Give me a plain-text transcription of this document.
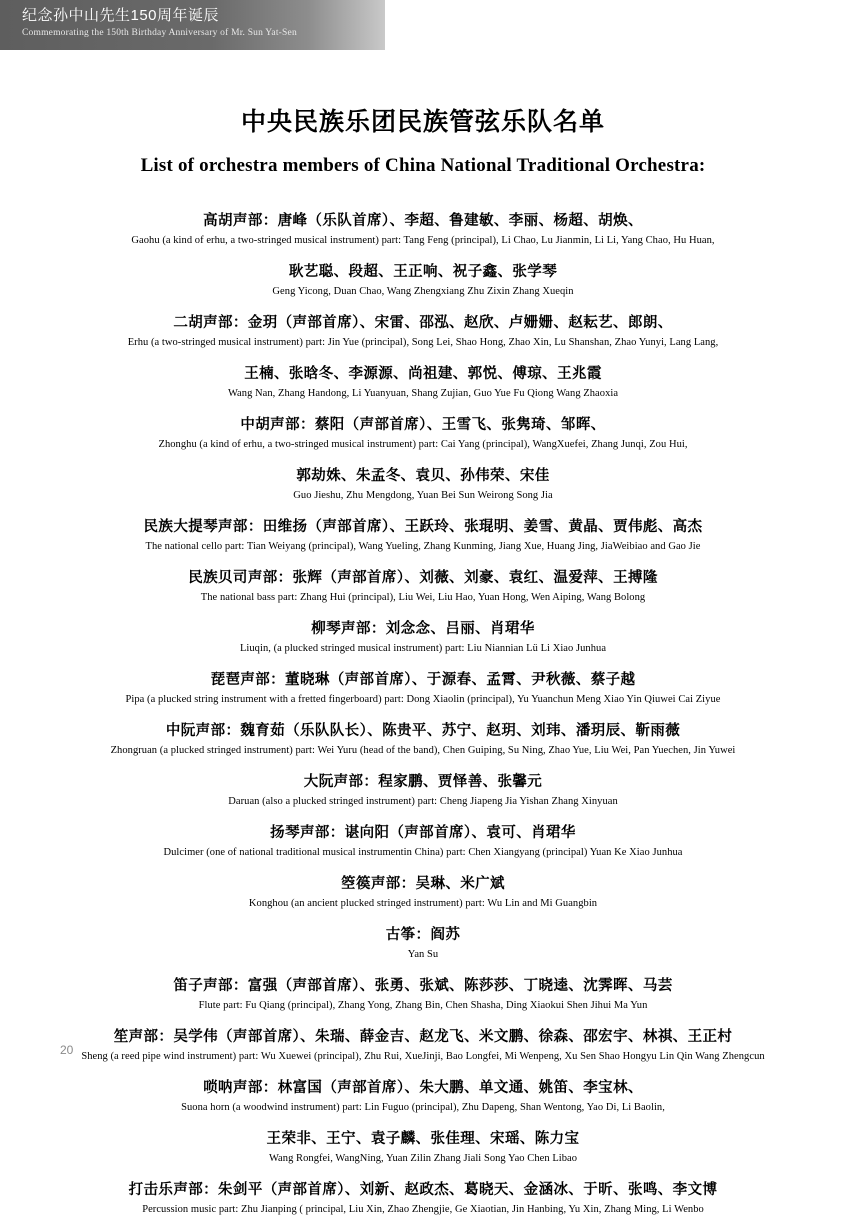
纪念孙中山先生150周年诞辰
Commemorating the 150th Birthday Anniversary of Mr. Sun Yat-Sen
中央民族乐团民族管弦乐队名单
List of orchestra members of China National Traditional Orchestra:
高胡声部：唐峰（乐队首席）、李超、鲁建敏、李丽、杨超、胡焕、
Gaohu (a kind of erhu, a two-stringed musical instrument) part: Tang Feng (principal), Li Chao, Lu Jianmin, Li Li, Yang Chao, Hu Huan,
耿艺聪、段超、王正响、祝子鑫、张学琴
Geng Yicong, Duan Chao, Wang Zhengxiang Zhu Zixin Zhang Xueqin
二胡声部：金玥（声部首席）、宋雷、邵泓、赵欣、卢姗姗、赵耘艺、郎朗、
Erhu (a two-stringed musical instrument) part: Jin Yue (principal), Song Lei, Shao Hong, Zhao Xin, Lu Shanshan, Zhao Yunyi, Lang Lang,
王楠、张晗冬、李源源、尚祖建、郭悦、傅琼、王兆霞
Wang Nan, Zhang Handong, Li Yuanyuan, Shang Zujian, Guo Yue Fu Qiong Wang Zhaoxia
中胡声部：蔡阳（声部首席）、王雪飞、张隽琦、邹晖、
Zhonghu (a kind of erhu, a two-stringed musical instrument) part: Cai Yang (principal), WangXuefei, Zhang Junqi, Zou Hui,
郭劫姝、朱孟冬、袁贝、孙伟荣、宋佳
Guo Jieshu, Zhu Mengdong, Yuan Bei Sun Weirong Song Jia
民族大提琴声部：田维扬（声部首席）、王跃玲、张琨明、姜雪、黄晶、贾伟彪、高杰
The national cello part: Tian Weiyang (principal), Wang Yueling, Zhang Kunming, Jiang Xue, Huang Jing, JiaWeibiao and Gao Jie
民族贝司声部：张辉（声部首席）、刘薇、刘豪、袁红、温爱萍、王搏隆
The national bass part: Zhang Hui (principal), Liu Wei, Liu Hao, Yuan Hong, Wen Aiping, Wang Bolong
柳琴声部：刘念念、吕丽、肖珺华
Liuqin, (a plucked stringed musical instrument) part: Liu Niannian Lü Li Xiao Junhua
琵琶声部：董晓琳（声部首席）、于源春、孟霄、尹秋薇、蔡子越
Pipa (a plucked string instrument with a fretted fingerboard) part: Dong Xiaolin (principal), Yu Yuanchun Meng Xiao Yin Qiuwei Cai Ziyue
中阮声部：魏育茹（乐队队长）、陈贵平、苏宁、赵玥、刘玮、潘玥辰、靳雨薇
Zhongruan (a plucked stringed instrument) part: Wei Yuru (head of the band), Chen Guiping, Su Ning, Zhao Yue, Liu Wei, Pan Yuechen, Jin Yuwei
大阮声部：程家鹏、贾怿善、张馨元
Daruan (also a plucked stringed instrument) part: Cheng Jiapeng Jia Yishan Zhang Xinyuan
扬琴声部：谌向阳（声部首席）、袁可、肖珺华
Dulcimer (one of national traditional musical instrumentin China) part: Chen Xiangyang (principal) Yuan Ke Xiao Junhua
箜篌声部：吴琳、米广斌
Konghou (an ancient plucked stringed instrument) part: Wu Lin and Mi Guangbin
古筝：阎苏
Yan Su
笛子声部：富强（声部首席）、张勇、张斌、陈莎莎、丁晓逵、沈霁晖、马芸
Flute part: Fu Qiang (principal), Zhang Yong, Zhang Bin, Chen Shasha, Ding Xiaokui Shen Jihui Ma Yun
笙声部：吴学伟（声部首席）、朱瑞、薛金吉、赵龙飞、米文鹏、徐森、邵宏宇、林祺、王正村
Sheng (a reed pipe wind instrument) part: Wu Xuewei (principal), Zhu Rui, XueJinji, Bao Longfei, Mi Wenpeng, Xu Sen Shao Hongyu Lin Qin Wang Zhengcun
唢呐声部：林富国（声部首席）、朱大鹏、单文通、姚笛、李宝林、
Suona horn (a woodwind instrument) part: Lin Fuguo (principal), Zhu Dapeng, Shan Wentong, Yao Di, Li Baolin,
王荣非、王宁、袁子麟、张佳理、宋瑶、陈力宝
Wang Rongfei, WangNing, Yuan Zilin Zhang Jiali Song Yao Chen Libao
打击乐声部：朱剑平（声部首席）、刘新、赵政杰、葛晓天、金涵冰、于昕、张鸣、李文博
Percussion music part: Zhu Jianping ( principal, Liu Xin, Zhao Zhengjie, Ge Xiaotian, Jin Hanbing, Yu Xin, Zhang Ming, Li Wenbo
20
